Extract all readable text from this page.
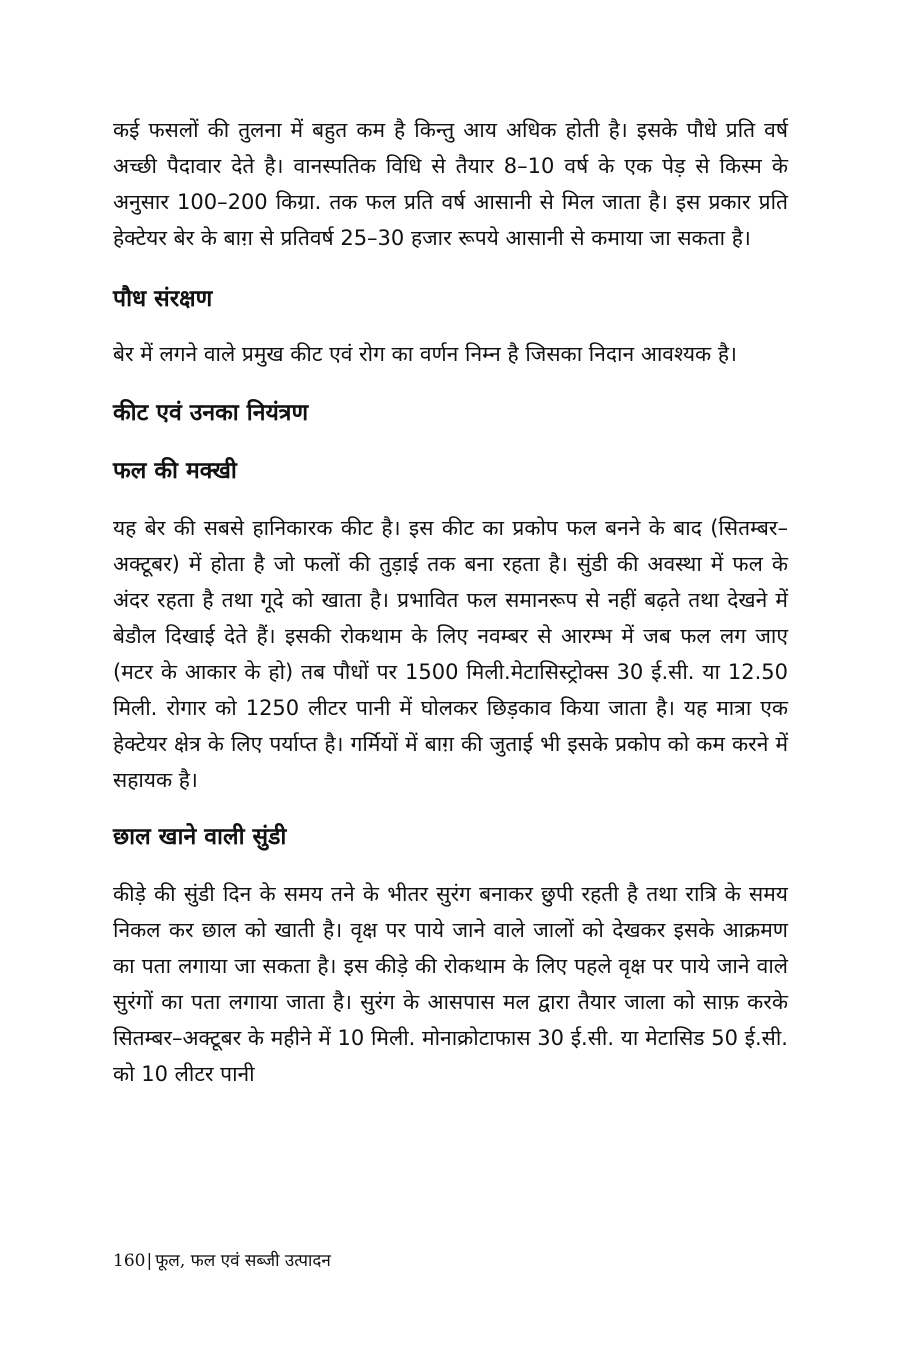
कई फसलों की तुलना में बहुत कम है किन्तु आय अधिक होती है। इसके पौधे प्रति वर्ष अच्छी पैदावार देते है। वानस्पतिक विधि से तैयार 8–10 वर्ष के एक पेड़ से किस्म के अनुसार 100–200 किग्रा. तक फल प्रति वर्ष आसानी से मिल जाता है। इस प्रकार प्रति हेक्टेयर बेर के बाग़ से प्रतिवर्ष 25–30 हजार रूपये आसानी से कमाया जा सकता है।

पौध संरक्षण

बेर में लगने वाले प्रमुख कीट एवं रोग का वर्णन निम्न है जिसका निदान आवश्यक है।

कीट एवं उनका नियंत्रण
फल की मक्खी

यह बेर की सबसे हानिकारक कीट है। इस कीट का प्रकोप फल बनने के बाद (सितम्बर–अक्टूबर) में होता है जो फलों की तुड़ाई तक बना रहता है। सुंडी की अवस्था में फल के अंदर रहता है तथा गूदे को खाता है। प्रभावित फल समानरूप से नहीं बढ़ते तथा देखने में बेडौल दिखाई देते हैं। इसकी रोकथाम के लिए नवम्बर से आरम्भ में जब फल लग जाए (मटर के आकार के हो) तब पौधों पर 1500 मिली.मेटासिस्ट्रोक्स 30 ई.सी. या 12.50 मिली. रोगार को 1250 लीटर पानी में घोलकर छिड़काव किया जाता है। यह मात्रा एक हेक्टेयर क्षेत्र के लिए पर्याप्त है। गर्मियों में बाग़ की जुताई भी इसके प्रकोप को कम करने में सहायक है।

छाल खाने वाली सुंडी

कीड़े की सुंडी दिन के समय तने के भीतर सुरंग बनाकर छुपी रहती है तथा रात्रि के समय निकल कर छाल को खाती है। वृक्ष पर पाये जाने वाले जालों को देखकर इसके आक्रमण का पता लगाया जा सकता है। इस कीड़े की रोकथाम के लिए पहले वृक्ष पर पाये जाने वाले सुरंगों का पता लगाया जाता है। सुरंग के आसपास मल द्वारा तैयार जाला को साफ़ करके सितम्बर–अक्टूबर के महीने में 10 मिली. मोनाक्रोटाफास 30 ई.सी. या मेटासिड 50 ई.सी. को 10 लीटर पानी

160| फूल, फल एवं सब्जी उत्पादन
